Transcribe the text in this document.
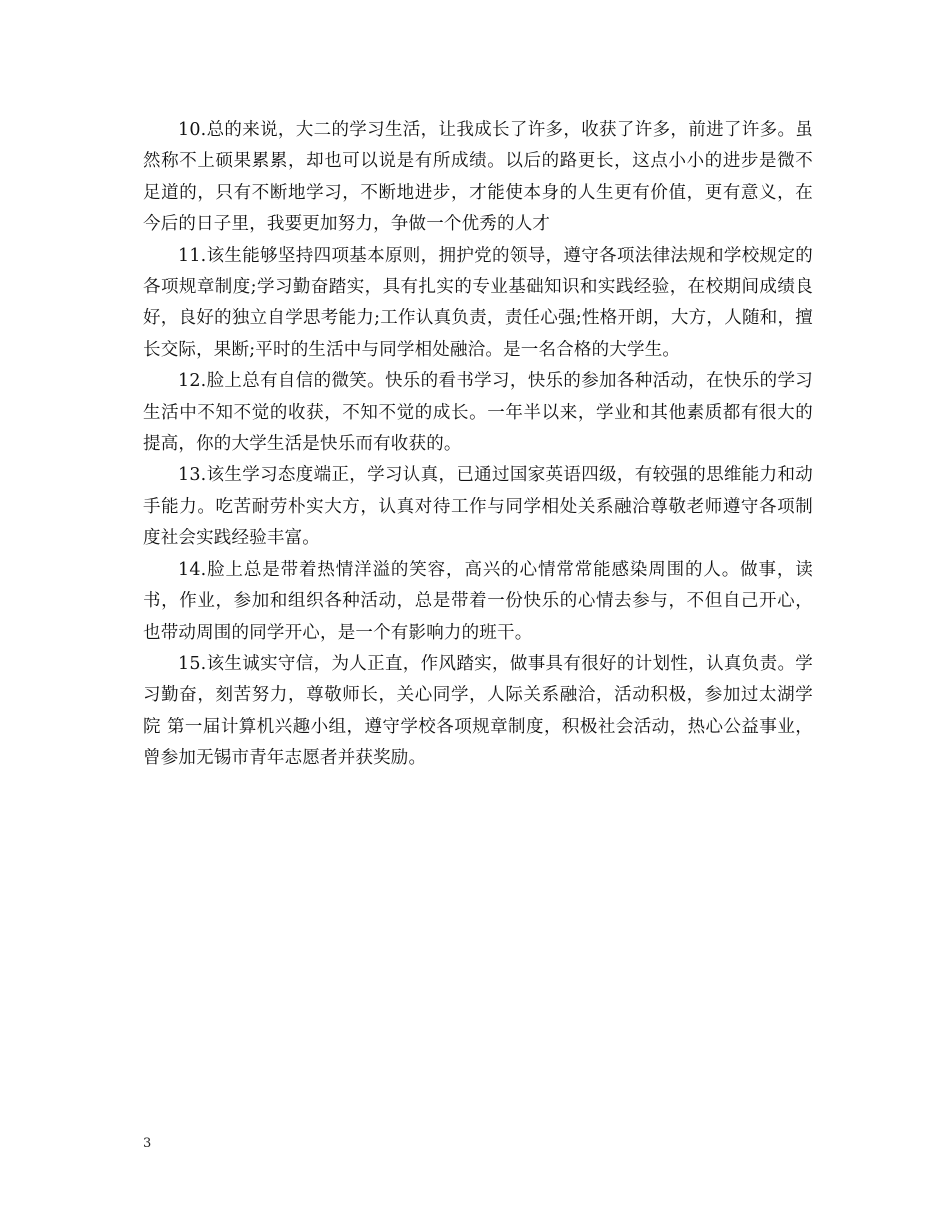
10.总的来说，大二的学习生活，让我成长了许多，收获了许多，前进了许多。虽然称不上硕果累累，却也可以说是有所成绩。以后的路更长，这点小小的进步是微不足道的，只有不断地学习，不断地进步，才能使本身的人生更有价值，更有意义，在今后的日子里，我要更加努力，争做一个优秀的人才

11.该生能够坚持四项基本原则，拥护党的领导，遵守各项法律法规和学校规定的各项规章制度;学习勤奋踏实，具有扎实的专业基础知识和实践经验，在校期间成绩良好，良好的独立自学思考能力;工作认真负责，责任心强;性格开朗，大方，人随和，擅长交际，果断;平时的生活中与同学相处融洽。是一名合格的大学生。

12.脸上总有自信的微笑。快乐的看书学习，快乐的参加各种活动，在快乐的学习生活中不知不觉的收获，不知不觉的成长。一年半以来，学业和其他素质都有很大的提高，你的大学生活是快乐而有收获的。

13.该生学习态度端正，学习认真，已通过国家英语四级，有较强的思维能力和动手能力。吃苦耐劳朴实大方，认真对待工作与同学相处关系融洽尊敬老师遵守各项制度社会实践经验丰富。

14.脸上总是带着热情洋溢的笑容，高兴的心情常常能感染周围的人。做事，读书，作业，参加和组织各种活动，总是带着一份快乐的心情去参与，不但自己开心，也带动周围的同学开心，是一个有影响力的班干。

15.该生诚实守信，为人正直，作风踏实，做事具有很好的计划性，认真负责。学习勤奋，刻苦努力，尊敬师长，关心同学，人际关系融洽，活动积极，参加过太湖学院 第一届计算机兴趣小组，遵守学校各项规章制度，积极社会活动，热心公益事业，曾参加无锡市青年志愿者并获奖励。

3
